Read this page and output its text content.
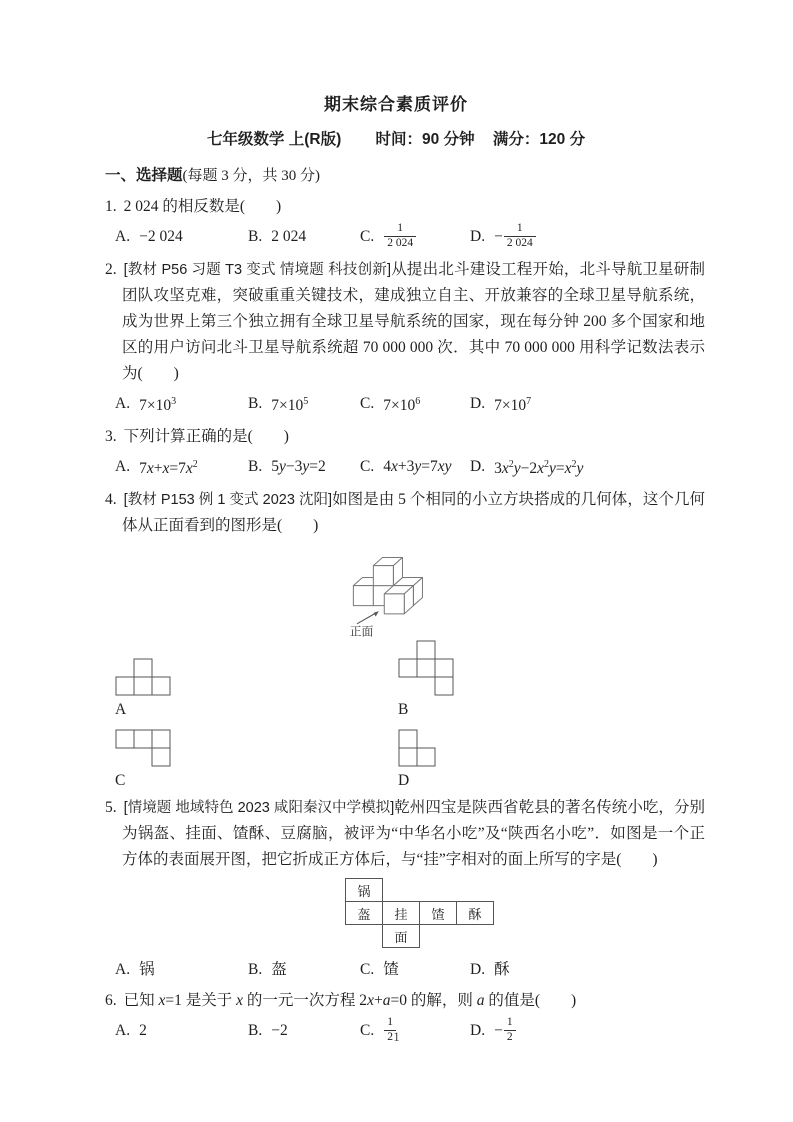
期末综合素质评价
七年级数学 上(R版) 时间：90 分钟 满分：120 分
一、选择题(每题 3 分，共 30 分)
1. 2 024 的相反数是(　　)
A. −2 024	B. 2 024	C. $\frac{1}{2 024}$	D. − $\frac{1}{2 024}$
2. [教材 P56 习题 T3 变式 情境题 科技创新]从提出北斗建设工程开始，北斗导航卫星研制团队攻坚克难，突破重重关键技术，建成独立自主、开放兼容的全球卫星导航系统，成为世界上第三个独立拥有全球卫星导航系统的国家，现在每分钟 200 多个国家和地区的用户访问北斗卫星导航系统超 70 000 000 次．其中 70 000 000 用科学记数法表示为(　　)
A. $7\times 10^3$	B. $7\times 10^5$	C. $7\times 10^6$	D. $7\times 10^7$
3. 下列计算正确的是(　　)
A. $7x+x=7x^2$	B. 5y−3y=2 C. 4x+3y=7xy D. $3x^2y-2x^2y=x^2y$
4. [教材 P153 例 1 变式 2023 沈阳]如图是由 5 个相同的小立方块搭成的几何体，这个几何体从正面看到的图形是(　　)
正面
A	B
C	D
5. [情境题 地域特色 2023 咸阳秦汉中学模拟]乾州四宝是陕西省乾县的著名传统小吃，分别为锅盔、挂面、馇酥、豆腐脑，被评为“中华名小吃”及“陕西名小吃”．如图是一个正方体的表面展开图，把它折成正方体后，与“挂”字相对的面上所写的字是(　　)
锅
盔	挂	馇	酥
面
A. 锅	B. 盔	C. 馇	D. 酥
6. 已知 x=1 是关于 x 的一元一次方程 2x+a=0 的解，则 a 的值是(　　)
A. 2	B. −2	C. $\frac{1}{2}$	D. − $\frac{1}{2}$
1
